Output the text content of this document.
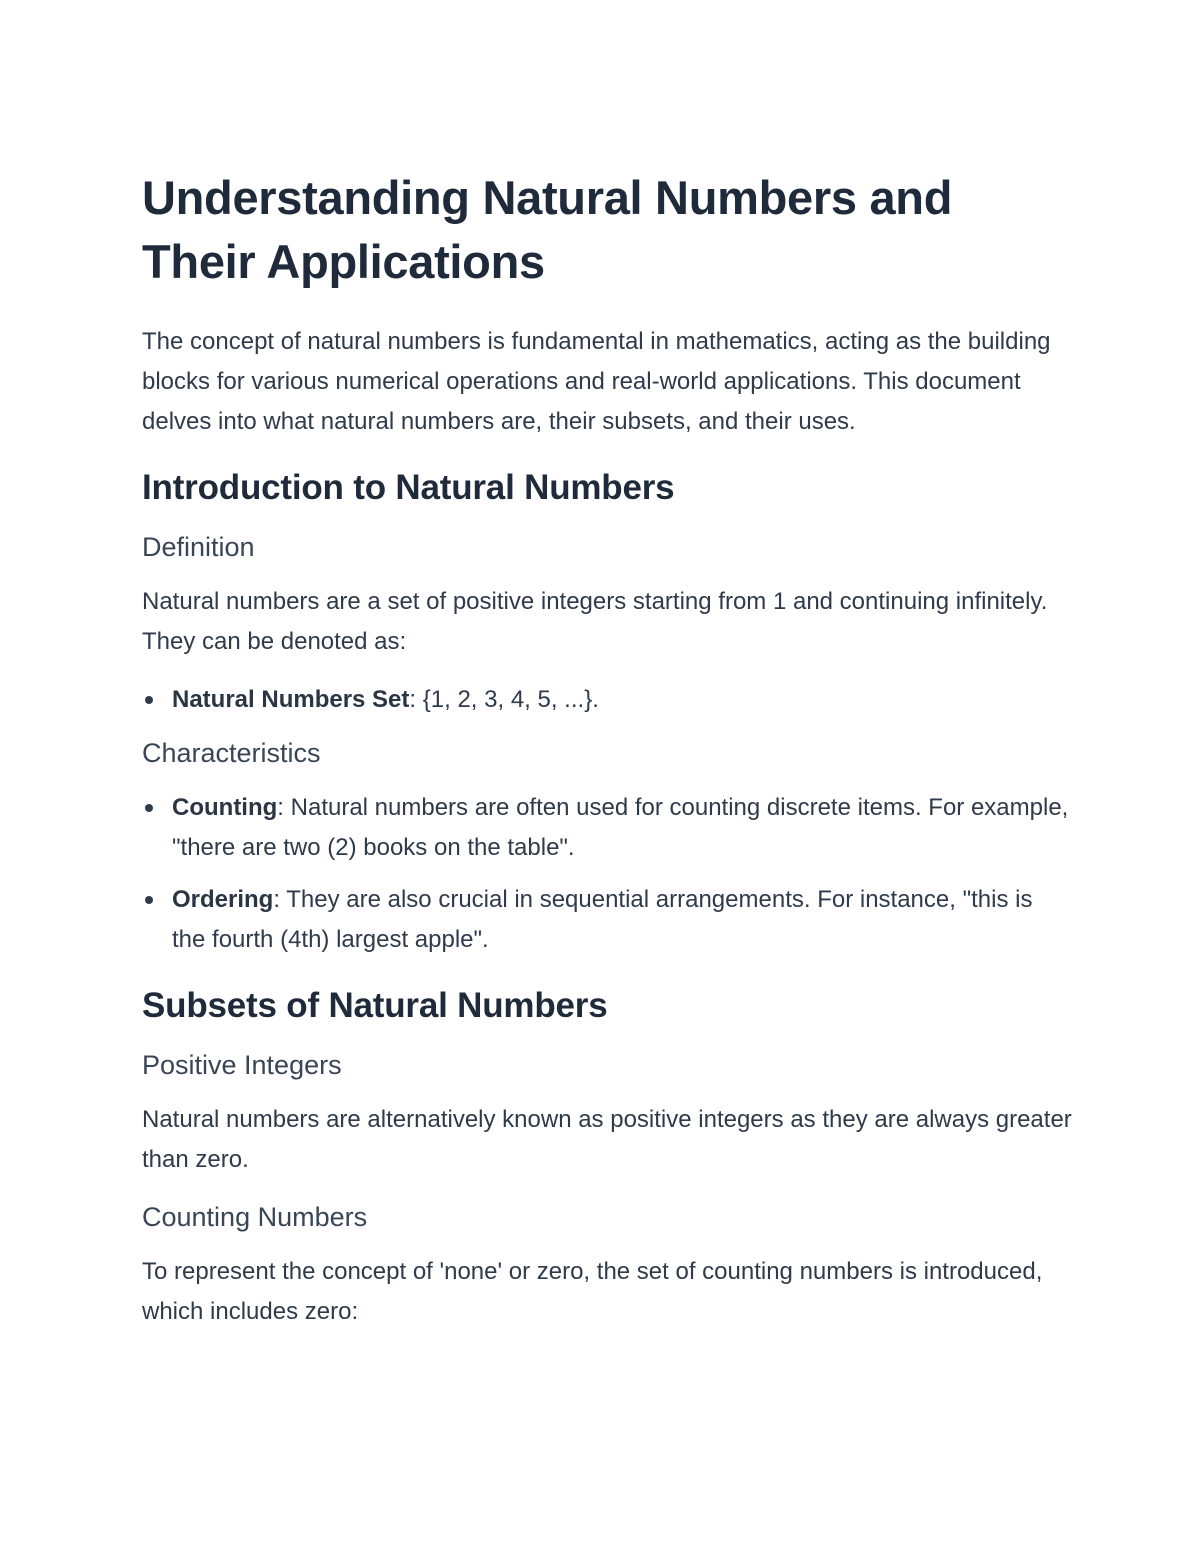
Understanding Natural Numbers and Their Applications

The concept of natural numbers is fundamental in mathematics, acting as the building blocks for various numerical operations and real-world applications. This document delves into what natural numbers are, their subsets, and their uses.

Introduction to Natural Numbers
Definition

Natural numbers are a set of positive integers starting from 1 and continuing infinitely. They can be denoted as:

Natural Numbers Set: {1, 2, 3, 4, 5, ...}.
Characteristics
Counting: Natural numbers are often used for counting discrete items. For example, "there are two (2) books on the table".
Ordering: They are also crucial in sequential arrangements. For instance, "this is the fourth (4th) largest apple".
Subsets of Natural Numbers
Positive Integers

Natural numbers are alternatively known as positive integers as they are always greater than zero.

Counting Numbers

To represent the concept of 'none' or zero, the set of counting numbers is introduced, which includes zero:
